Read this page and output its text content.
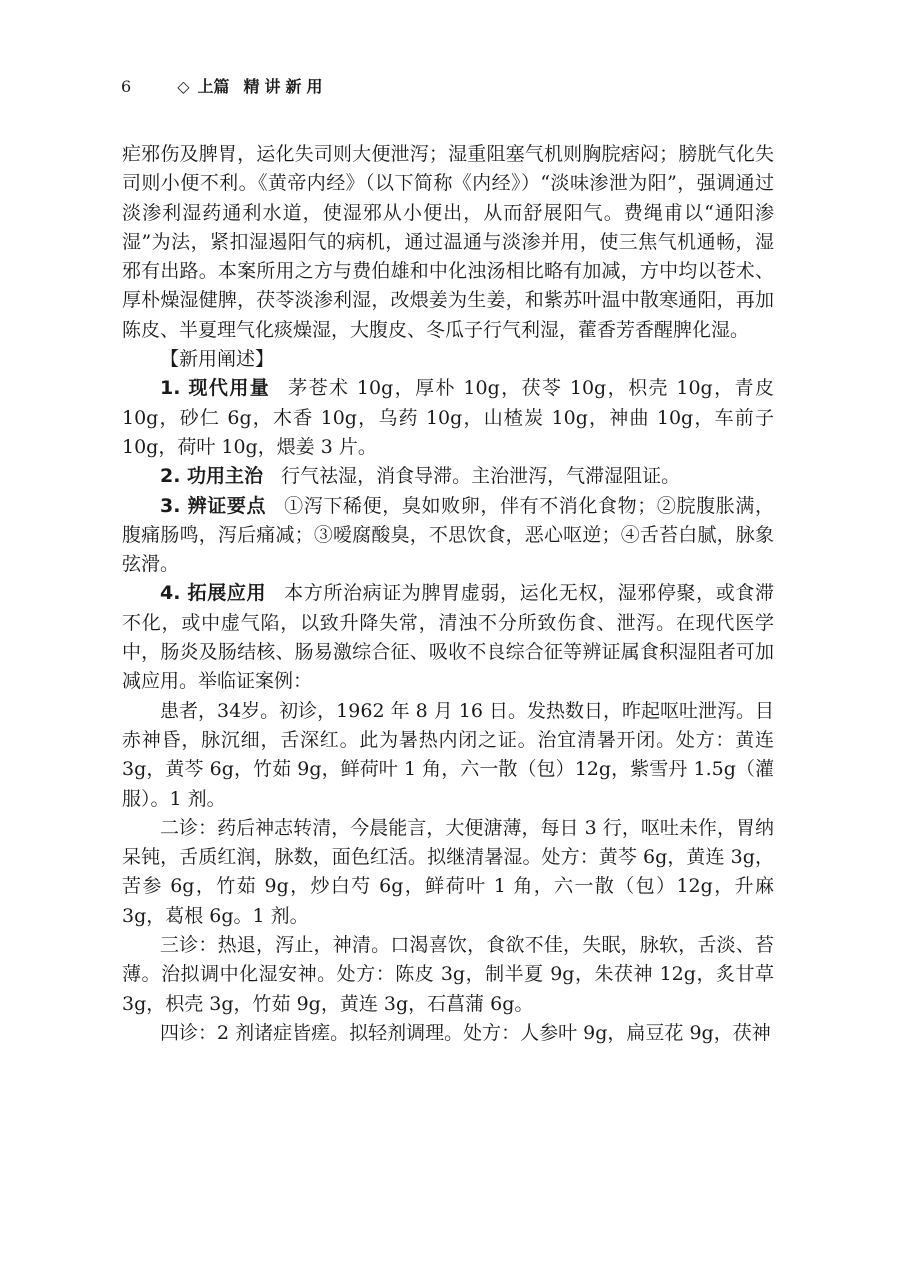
6	◇ 上篇 精讲新用

疟邪伤及脾胃，运化失司则大便泄泻；湿重阻塞气机则胸脘痞闷；膀胱气化失司则小便不利。《黄帝内经》（以下简称《内经》）“淡味渗泄为阳”，强调通过淡渗利湿药通利水道，使湿邪从小便出，从而舒展阳气。费绳甫以“通阳渗湿”为法，紧扣湿遏阳气的病机，通过温通与淡渗并用，使三焦气机通畅，湿邪有出路。本案所用之方与费伯雄和中化浊汤相比略有加减，方中均以苍术、厚朴燥湿健脾，茯苓淡渗利湿，改煨姜为生姜，和紫苏叶温中散寒通阳，再加陈皮、半夏理气化痰燥湿，大腹皮、冬瓜子行气利湿，藿香芳香醒脾化湿。

【新用阐述】

1. 现代用量 茅苍术 10g，厚朴 10g，茯苓 10g，枳壳 10g，青皮 10g，砂仁 6g，木香 10g，乌药 10g，山楂炭 10g，神曲 10g，车前子 10g，荷叶 10g，煨姜 3 片。

2. 功用主治 行气祛湿，消食导滞。主治泄泻，气滞湿阻证。

3. 辨证要点 ①泻下稀便，臭如败卵，伴有不消化食物；②脘腹胀满，腹痛肠鸣，泻后痛减；③嗳腐酸臭，不思饮食，恶心呕逆；④舌苔白腻，脉象弦滑。

4. 拓展应用 本方所治病证为脾胃虚弱，运化无权，湿邪停聚，或食滞不化，或中虚气陷，以致升降失常，清浊不分所致伤食、泄泻。在现代医学中，肠炎及肠结核、肠易激综合征、吸收不良综合征等辨证属食积湿阻者可加减应用。举临证案例：

患者，34岁。初诊，1962 年 8 月 16 日。发热数日，昨起呕吐泄泻。目赤神昏，脉沉细，舌深红。此为暑热内闭之证。治宜清暑开闭。处方：黄连 3g，黄芩 6g，竹茹 9g，鲜荷叶 1 角，六一散（包）12g，紫雪丹 1.5g（灌服）。1 剂。

二诊：药后神志转清，今晨能言，大便溏薄，每日 3 行，呕吐未作，胃纳呆钝，舌质红润，脉数，面色红活。拟继清暑湿。处方：黄芩 6g，黄连 3g，苦参 6g，竹茹 9g，炒白芍 6g，鲜荷叶 1 角，六一散（包）12g，升麻 3g，葛根 6g。1 剂。

三诊：热退，泻止，神清。口渴喜饮，食欲不佳，失眠，脉软，舌淡、苔薄。治拟调中化湿安神。处方：陈皮 3g，制半夏 9g，朱茯神 12g，炙甘草 3g，枳壳 3g，竹茹 9g，黄连 3g，石菖蒲 6g。

四诊：2 剂诸症皆瘥。拟轻剂调理。处方：人参叶 9g，扁豆花 9g，茯神
